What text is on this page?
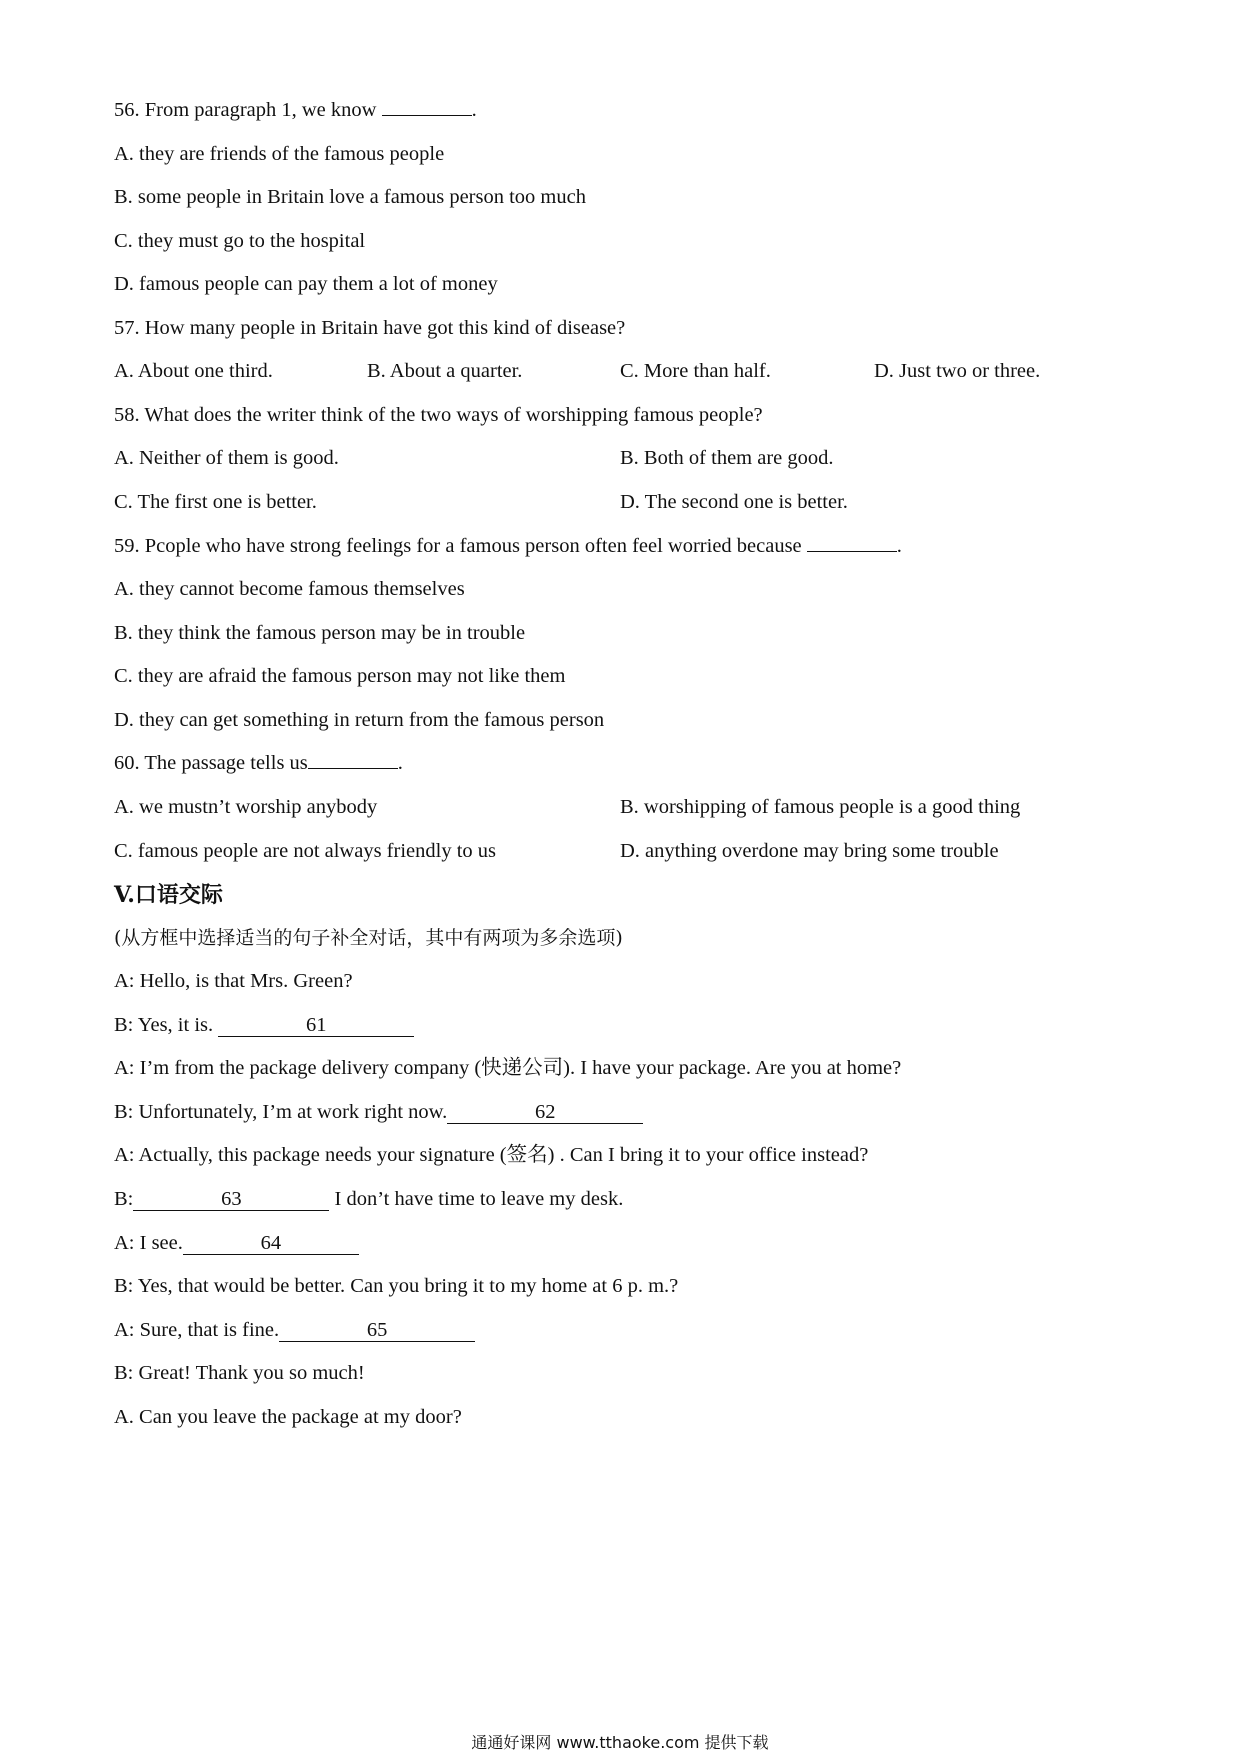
56. From paragraph 1, we know	.
A. they are friends of the famous people
B. some people in Britain love a famous person too much
C. they must go to the hospital
D. famous people can pay them a lot of money
57. How many people in Britain have got this kind of disease?
A. About one third.	B. About a quarter.	C. More than half.	D. Just two or three.
58. What does the writer think of the two ways of worshipping famous people?
A. Neither of them is good.	B. Both of them are good.
C. The first one is better.	D. The second one is better.
59. Pcople who have strong feelings for a famous person often feel worried because	.
A. they cannot become famous themselves
B. they think the famous person may be in trouble
C. they are afraid the famous person may not like them
D. they can get something in return from the famous person
60. The passage tells us	.
A. we mustn’t worship anybody	B. worshipping of famous people is a good thing
C. famous people are not always friendly to us	D. anything overdone may bring some trouble
V.口语交际
(从方框中选择适当的句子补全对话，其中有两项为多余选项)
A: Hello, is that Mrs. Green?
B: Yes, it is.	61
A: I’m from the package delivery company (快递公司). I have your package. Are you at home?
B: Unfortunately, I’m at work right now.	62
A: Actually, this package needs your signature (签名) . Can I bring it to your office instead?
B:	63	I don’t have time to leave my desk.
A: I see.	64
B: Yes, that would be better. Can you bring it to my home at 6 p. m.?
A: Sure, that is fine.	65
B: Great! Thank you so much!
A. Can you leave the package at my door?
通通好课网 www.tthaoke.com 提供下载
